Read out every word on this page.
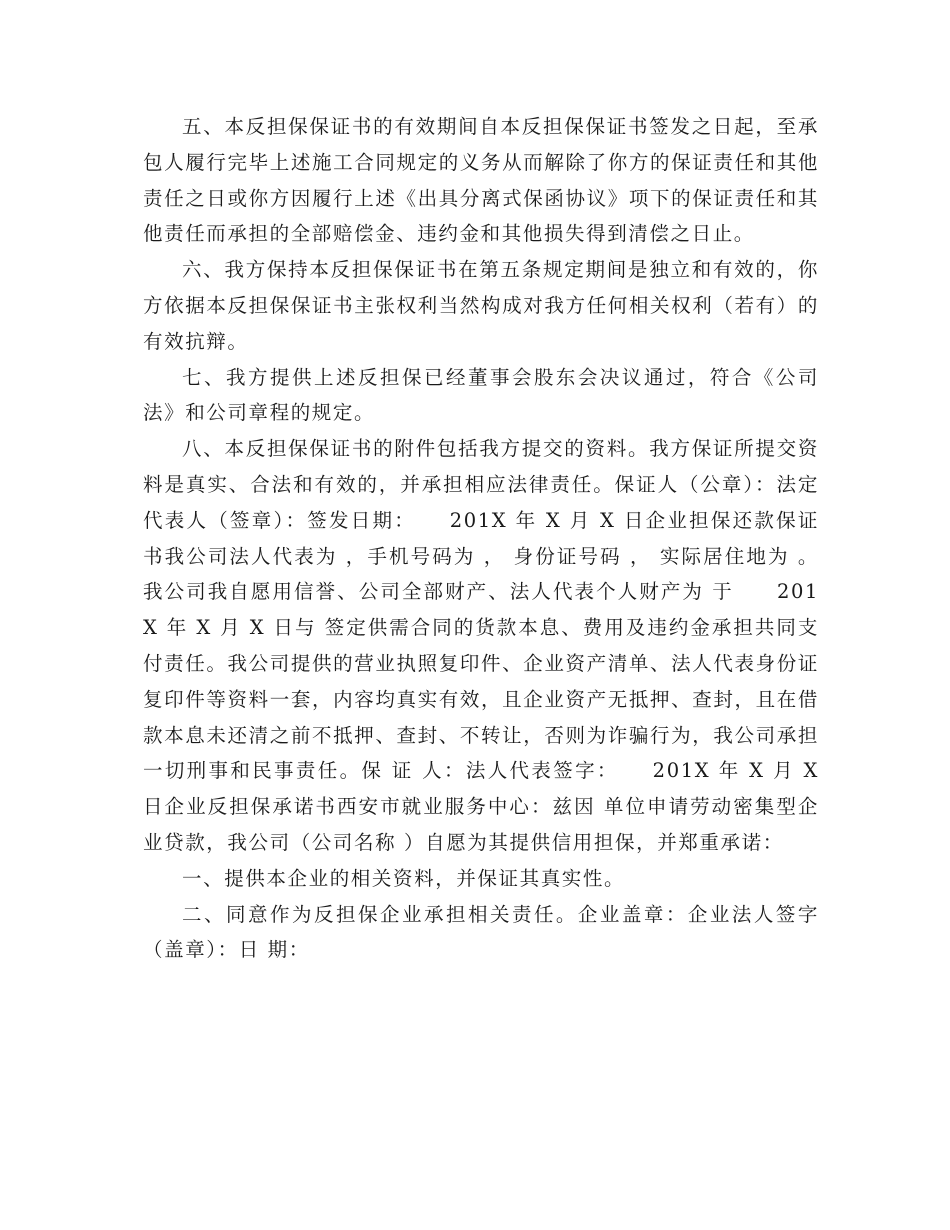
五、本反担保保证书的有效期间自本反担保保证书签发之日起，至承包人履行完毕上述施工合同规定的义务从而解除了你方的保证责任和其他责任之日或你方因履行上述《出具分离式保函协议》项下的保证责任和其他责任而承担的全部赔偿金、违约金和其他损失得到清偿之日止。

六、我方保持本反担保保证书在第五条规定期间是独立和有效的，你方依据本反担保保证书主张权利当然构成对我方任何相关权利（若有）的有效抗辩。

七、我方提供上述反担保已经董事会股东会决议通过，符合《公司法》和公司章程的规定。

八、本反担保保证书的附件包括我方提交的资料。我方保证所提交资料是真实、合法和有效的，并承担相应法律责任。保证人（公章）：法定代表人（签章）：签发日期：　　201X 年 X 月 X 日企业担保还款保证书我公司法人代表为 ，手机号码为 ， 身份证号码 ， 实际居住地为 。我公司我自愿用信誉、公司全部财产、法人代表个人财产为 于　　201X 年 X 月 X 日与 签定供需合同的货款本息、费用及违约金承担共同支付责任。我公司提供的营业执照复印件、企业资产清单、法人代表身份证复印件等资料一套，内容均真实有效，且企业资产无抵押、查封，且在借款本息未还清之前不抵押、查封、不转让，否则为诈骗行为，我公司承担一切刑事和民事责任。保 证 人：法人代表签字：　　201X 年 X 月 X 日企业反担保承诺书西安市就业服务中心：兹因 单位申请劳动密集型企业贷款，我公司（公司名称 ）自愿为其提供信用担保，并郑重承诺：

一、提供本企业的相关资料，并保证其真实性。

二、同意作为反担保企业承担相关责任。企业盖章：企业法人签字（盖章）：日 期：
